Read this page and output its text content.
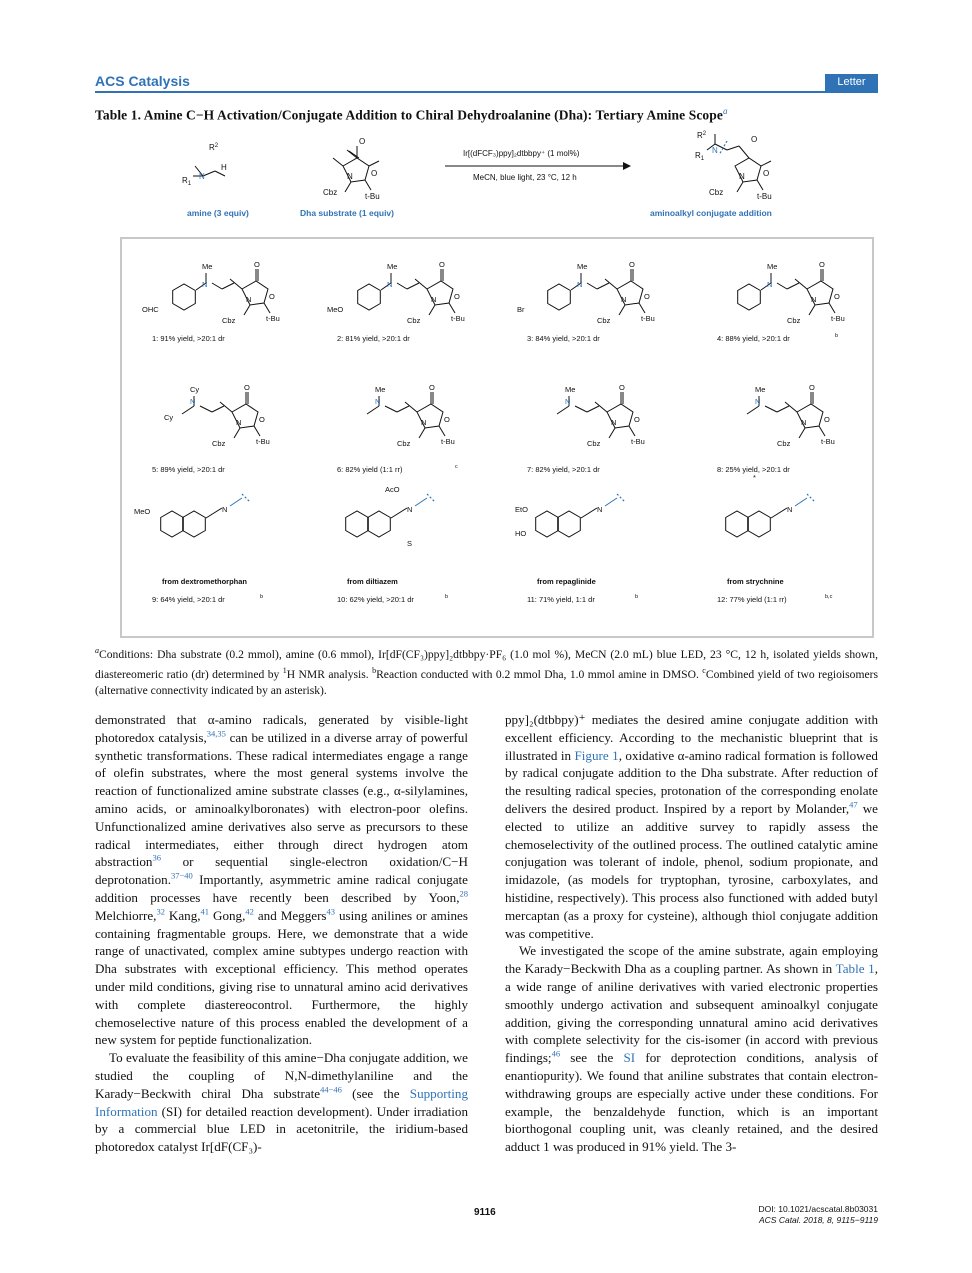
ACS Catalysis	Letter
Table 1. Amine C−H Activation/Conjugate Addition to Chiral Dehydroalanine (Dha): Tertiary Amine Scope$^a$
$R^2$
N
$R_1$
H
O
O
N
Cbz	t-Bu
$R^2$
N
$R_1$
O
O
N
Cbz	t-Bu
Ir[(dFCF₃)ppy]₂dtbbpy⁺ (1 mol%)
MeCN, blue light, 23 °C, 12 h
amine (3 equiv)	Dha substrate (1 equiv)	aminoalkyl conjugate addition
Me
N
O
O
N
Cbz	t-Bu
OHC
1: 91% yield, >20:1 dr
Me
N
O
O
N
Cbz	t-Bu
MeO
2: 81% yield, >20:1 dr
Me
N
O
O
N
Cbz	t-Bu
Br
3: 84% yield, >20:1 dr
Me
N
O
O
N
Cbz	t-Bu
4: 88% yield, >20:1 dr	b
N
Cy
Cy
O
O
N
Cbz	t-Bu
5: 89% yield, >20:1 dr
N
Me	O
O
N
Cbz	t-Bu
6: 82% yield (1:1 rr)	c
N
Me	O
O
N
Cbz	t-Bu
7: 82% yield, >20:1 dr
N
Me	O
O
N
Cbz	t-Bu
8: 25% yield, >20:1 dr
MeO	N
from dextromethorphan
9: 64% yield, >20:1 dr	b
AcO
S
N
from diltiazem
10: 62% yield, >20:1 dr	b
EtO
HO
N
from repaglinide
11: 71% yield, 1:1 dr	b
*
N
from strychnine
12: 77% yield (1:1 rr)	b,c
$^a$Conditions: Dha substrate (0.2 mmol), amine (0.6 mmol), Ir[dF(CF₃)ppy]₂dtbbpy·PF₆ (1.0 mol %), MeCN (2.0 mL) blue LED, 23 °C, 12 h, isolated yields shown, diastereomeric ratio (dr) determined by $^1$H NMR analysis. $^b$Reaction conducted with 0.2 mmol Dha, 1.0 mmol amine in DMSO. $^c$Combined yield of two regioisomers (alternative connectivity indicated by an asterisk).

demonstrated that α-amino radicals, generated by visible-light photoredox catalysis,$^{34,35}$ can be utilized in a diverse array of powerful synthetic transformations. These radical intermediates engage a range of olefin substrates, where the most general systems involve the reaction of functionalized amine substrate classes (e.g., α-silylamines, amino acids, or aminoalkylboronates) with electron-poor olefins. Unfunctionalized amine derivatives also serve as precursors to these radical intermediates, either through direct hydrogen atom abstraction$^{36}$ or sequential single-electron oxidation/C−H deprotonation.$^{37-40}$ Importantly, asymmetric amine radical conjugate addition processes have recently been described by Yoon,$^{28}$ Melchiorre,$^{32}$ Kang,$^{41}$ Gong,$^{42}$ and Meggers$^{43}$ using anilines or amines containing fragmentable groups. Here, we demonstrate that a wide range of unactivated, complex amine subtypes undergo reaction with Dha substrates with exceptional efficiency. This method operates under mild conditions, giving rise to unnatural amino acid derivatives with complete diastereocontrol. Furthermore, the highly chemoselective nature of this process enabled the development of a new system for peptide functionalization.

To evaluate the feasibility of this amine−Dha conjugate addition, we studied the coupling of N,N-dimethylaniline and the Karady−Beckwith chiral Dha substrate$^{44-46}$ (see the Supporting Information (SI) for detailed reaction development). Under irradiation by a commercial blue LED in acetonitrile, the iridium-based photoredox catalyst Ir[dF(CF₃)-

ppy]₂(dtbbpy)⁺ mediates the desired amine conjugate addition with excellent efficiency. According to the mechanistic blueprint that is illustrated in Figure 1, oxidative α-amino radical formation is followed by radical conjugate addition to the Dha substrate. After reduction of the resulting radical species, protonation of the corresponding enolate delivers the desired product. Inspired by a report by Molander,$^{47}$ we elected to utilize an additive survey to rapidly assess the chemoselectivity of the outlined process. The outlined catalytic amine conjugation was tolerant of indole, phenol, sodium propionate, and imidazole, (as models for tryptophan, tyrosine, carboxylates, and histidine, respectively). This process also functioned with added butyl mercaptan (as a proxy for cysteine), although thiol conjugate addition was competitive.

We investigated the scope of the amine substrate, again employing the Karady−Beckwith Dha as a coupling partner. As shown in Table 1, a wide range of aniline derivatives with varied electronic properties smoothly undergo activation and subsequent aminoalkyl conjugate addition, giving the corresponding unnatural amino acid derivatives with complete selectivity for the cis-isomer (in accord with previous findings;$^{46}$ see the SI for deprotection conditions, analysis of enantiopurity). We found that aniline substrates that contain electron-withdrawing groups are especially active under these conditions. For example, the benzaldehyde function, which is an important biorthogonal coupling unit, was cleanly retained, and the desired adduct 1 was produced in 91% yield. The 3-

9116	DOI: 10.1021/acscatal.8b03031
ACS Catal. 2018, 8, 9115−9119
